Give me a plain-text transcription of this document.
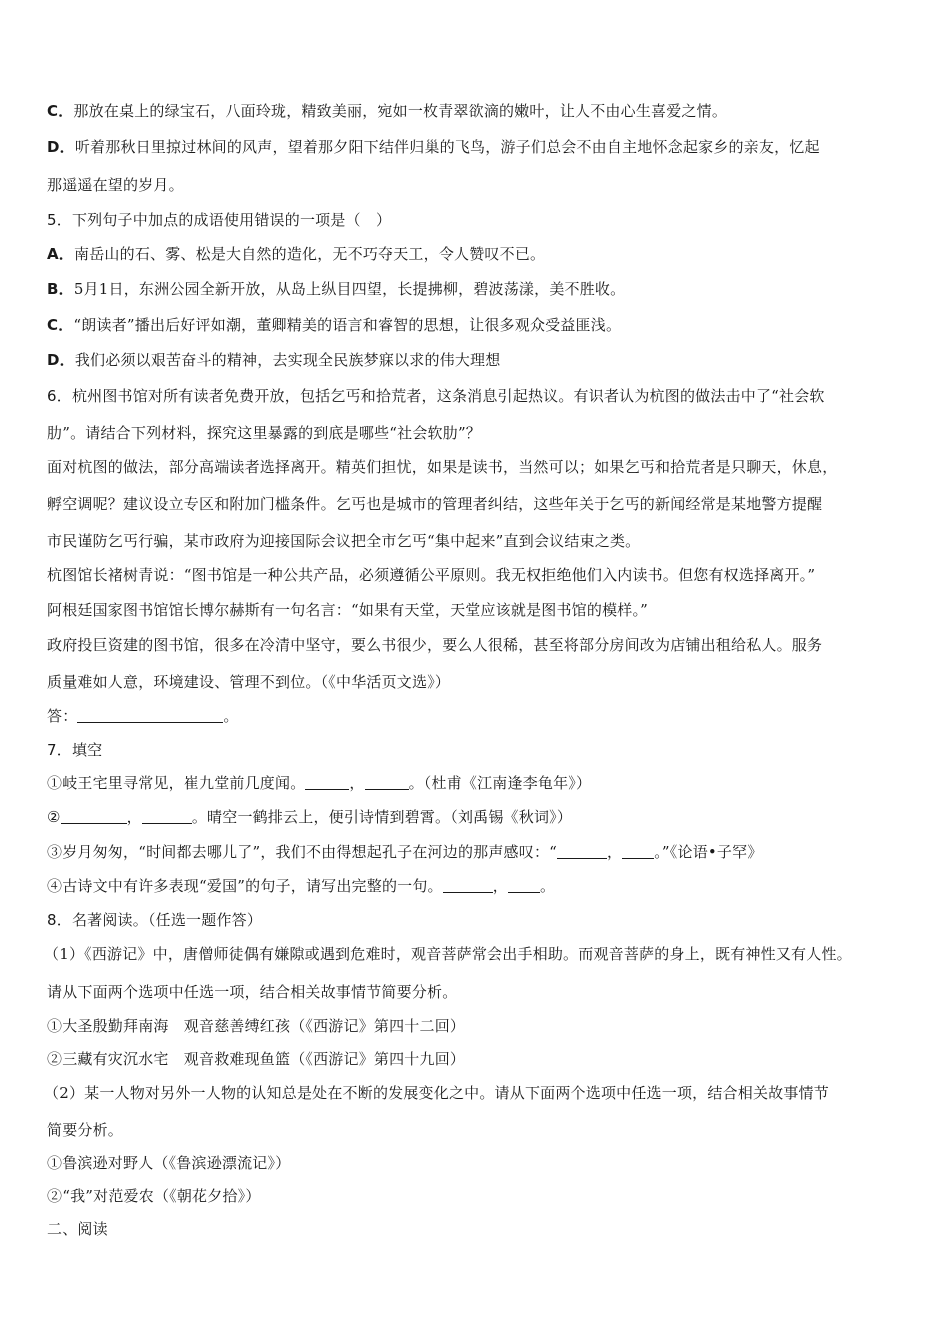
C．那放在桌上的绿宝石，八面玲珑，精致美丽，宛如一枚青翠欲滴的嫩叶，让人不由心生喜爱之情。
D．听着那秋日里掠过林间的风声，望着那夕阳下结伴归巢的飞鸟，游子们总会不由自主地怀念起家乡的亲友，忆起
那遥遥在望的岁月。
5．下列句子中加点的成语使用错误的一项是（　）
A．南岳山的石、雾、松是大自然的造化，无不巧夺天工，令人赞叹不已。
B．5月1日，东洲公园全新开放，从岛上纵目四望，长提拂柳，碧波荡漾，美不胜收。
C．“朗读者”播出后好评如潮，董卿精美的语言和睿智的思想，让很多观众受益匪浅。
D．我们必须以艰苦奋斗的精神，去实现全民族梦寐以求的伟大理想
6．杭州图书馆对所有读者免费开放，包括乞丐和拾荒者，这条消息引起热议。有识者认为杭图的做法击中了“社会软
肋”。请结合下列材料，探究这里暴露的到底是哪些“社会软肋”？
面对杭图的做法，部分高端读者选择离开。精英们担忧，如果是读书，当然可以；如果乞丐和拾荒者是只聊天，休息，
孵空调呢？建议设立专区和附加门槛条件。乞丐也是城市的管理者纠结，这些年关于乞丐的新闻经常是某地警方提醒
市民谨防乞丐行骗，某市政府为迎接国际会议把全市乞丐“集中起来”直到会议结束之类。
杭图馆长褚树青说：“图书馆是一种公共产品，必须遵循公平原则。我无权拒绝他们入内读书。但您有权选择离开。”
阿根廷国家图书馆馆长博尔赫斯有一句名言：“如果有天堂，天堂应该就是图书馆的模样。”
政府投巨资建的图书馆，很多在冷清中坚守，要么书很少，要么人很稀，甚至将部分房间改为店铺出租给私人。服务
质量难如人意，环境建设、管理不到位。（《中华活页文选》）
答：	。
7．填空
①岐王宅里寻常见，崔九堂前几度闻。	，	。（杜甫《江南逢李龟年》）
②	，	。晴空一鹤排云上，便引诗情到碧霄。（刘禹锡《秋词》）
③岁月匆匆，“时间都去哪儿了”，我们不由得想起孔子在河边的那声感叹：“	， 。”《论语•子罕》
④古诗文中有许多表现“爱国”的句子，请写出完整的一句。	， 。
8．名著阅读。（任选一题作答）
（1）《西游记》中，唐僧师徒偶有嫌隙或遇到危难时，观音菩萨常会出手相助。而观音菩萨的身上，既有神性又有人性。
请从下面两个选项中任选一项，结合相关故事情节简要分析。
①大圣殷勤拜南海　观音慈善缚红孩（《西游记》第四十二回）
②三藏有灾沉水宅　观音救难现鱼篮（《西游记》第四十九回）
（2）某一人物对另外一人物的认知总是处在不断的发展变化之中。请从下面两个选项中任选一项，结合相关故事情节
简要分析。
①鲁滨逊对野人（《鲁滨逊漂流记》）
②“我”对范爱农（《朝花夕拾》）
二、阅读
